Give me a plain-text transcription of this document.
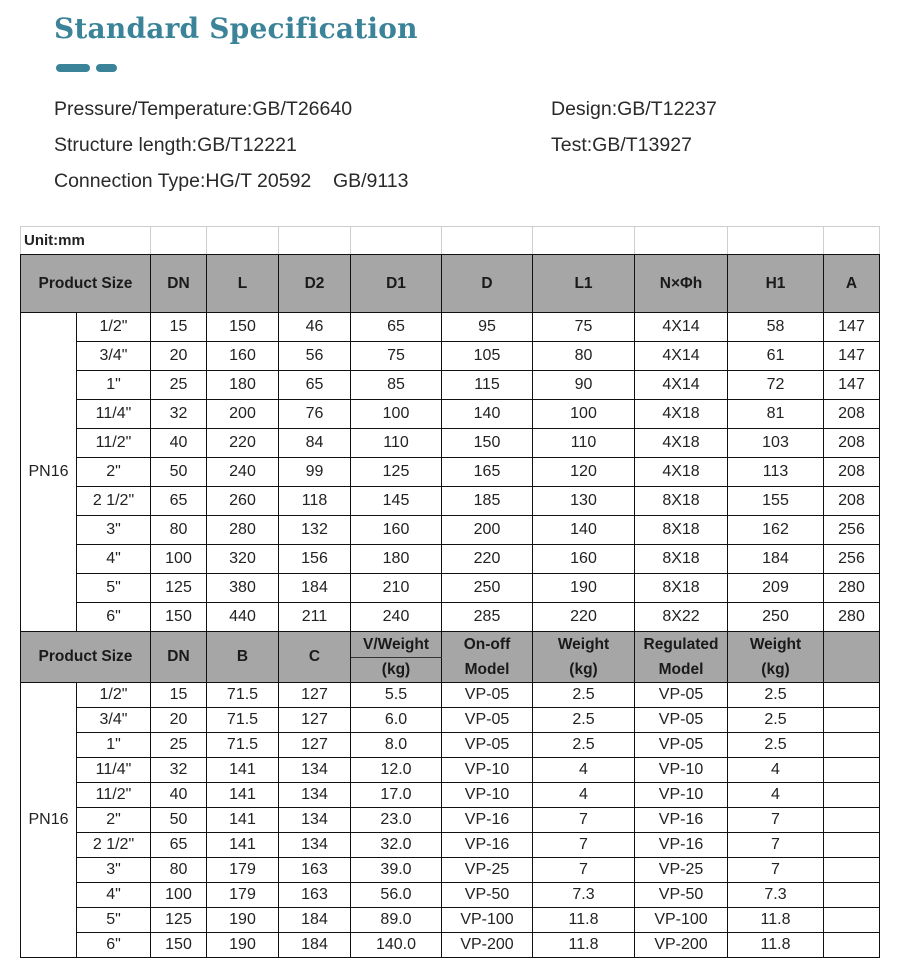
Standard Specification
Pressure/Temperature:GB/T26640	Design:GB/T12237
Structure length:GB/T12221	Test:GB/T13927
Connection Type:HG/T 20592    GB/9113
Unit:mm										
Product Size		DN	L	D2	D1	D	L1	N×Φh	H1	A
PN16	1/2"	15	150	46	65	95	75	4X14	58	147
	3/4"	20	160	56	75	105	80	4X14	61	147
	1"	25	180	65	85	115	90	4X14	72	147
	11/4"	32	200	76	100	140	100	4X18	81	208
	11/2"	40	220	84	110	150	110	4X18	103	208
	2"	50	240	99	125	165	120	4X18	113	208
	2 1/2"	65	260	118	145	185	130	8X18	155	208
	3"	80	280	132	160	200	140	8X18	162	256
	4"	100	320	156	180	220	160	8X18	184	256
	5"	125	380	184	210	250	190	8X18	209	280
	6"	150	440	211	240	285	220	8X22	250	280
Product Size		DN	B	C	V/Weight	On-off	Weight	Regulated	Weight	
					(kg)	Model	(kg)	Model	(kg)	
PN16	1/2"	15	71.5	127	5.5	VP-05	2.5	VP-05	2.5	
	3/4"	20	71.5	127	6.0	VP-05	2.5	VP-05	2.5	
	1"	25	71.5	127	8.0	VP-05	2.5	VP-05	2.5	
	11/4"	32	141	134	12.0	VP-10	4	VP-10	4	
	11/2"	40	141	134	17.0	VP-10	4	VP-10	4	
	2"	50	141	134	23.0	VP-16	7	VP-16	7	
	2 1/2"	65	141	134	32.0	VP-16	7	VP-16	7	
	3"	80	179	163	39.0	VP-25	7	VP-25	7	
	4"	100	179	163	56.0	VP-50	7.3	VP-50	7.3	
	5"	125	190	184	89.0	VP-100	11.8	VP-100	11.8	
	6"	150	190	184	140.0	VP-200	11.8	VP-200	11.8	
